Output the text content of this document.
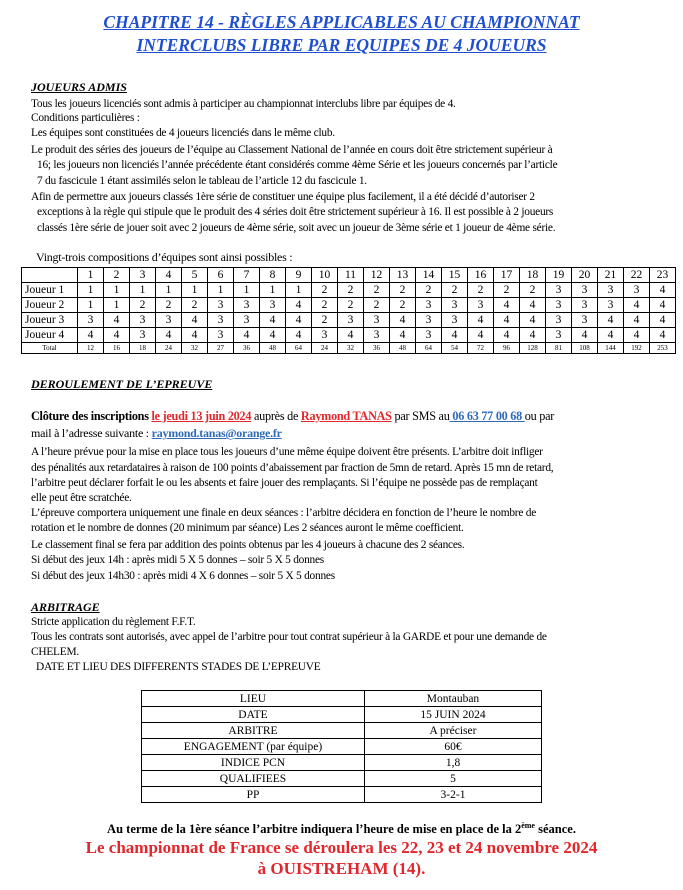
CHAPITRE 14 - RÈGLES APPLICABLES AU CHAMPIONNAT
INTERCLUBS LIBRE PAR EQUIPES DE 4 JOUEURS
JOUEURS ADMIS
Tous les joueurs licenciés sont admis à participer au championnat interclubs libre par équipes de 4.
Conditions particulières :
Les équipes sont constituées de 4 joueurs licenciés dans le même club.
Le produit des séries des joueurs de l’équipe au Classement National de l’année en cours doit être strictement supérieur à
16; les joueurs non licenciés l’année précédente étant considérés comme 4ème Série et les joueurs concernés par l’article
7 du fascicule 1 étant assimilés selon le tableau de l’article 12 du fascicule 1.
Afin de permettre aux joueurs classés 1ère série de constituer une équipe plus facilement, il a été décidé d’autoriser 2
exceptions à la règle qui stipule que le produit des 4 séries doit être strictement supérieur à 16. Il est possible à 2 joueurs
classés 1ère série de jouer soit avec 2 joueurs de 4ème série, soit avec un joueur de 3ème série et 1 joueur de 4ème série.
Vingt-trois compositions d’équipes sont ainsi possibles :
	1	2	3	4	5	6	7	8	9	10	11	12	13	14	15	16	17	18	19	20	21	22	23
Joueur 1	1	1	1	1	1	1	1	1	1	2	2	2	2	2	2	2	2	2	3	3	3	3	4
Joueur 2	1	1	2	2	2	3	3	3	4	2	2	2	2	3	3	3	4	4	3	3	3	4	4
Joueur 3	3	4	3	3	4	3	3	4	4	2	3	3	4	3	3	4	4	4	3	3	4	4	4
Joueur 4	4	4	3	4	4	3	4	4	4	3	4	3	4	3	4	4	4	4	3	4	4	4	4
Total	12	16	18	24	32	27	36	48	64	24	32	36	48	64	54	72	96	128	81	108	144	192	253
DEROULEMENT DE L’EPREUVE
Clôture des inscriptions le jeudi 13 juin 2024 auprès de Raymond TANAS par SMS au 06 63 77 00 68 ou par
mail à l’adresse suivante : raymond.tanas@orange.fr
A l’heure prévue pour la mise en place tous les joueurs d’une même équipe doivent être présents. L’arbitre doit infliger
des pénalités aux retardataires à raison de 100 points d’abaissement par fraction de 5mn de retard. Après 15 mn de retard,
l’arbitre peut déclarer forfait le ou les absents et faire jouer des remplaçants. Si l’équipe ne possède pas de remplaçant
elle peut être scratchée.
L’épreuve comportera uniquement une finale en deux séances : l’arbitre décidera en fonction de l’heure le nombre de
rotation et le nombre de donnes (20 minimum par séance) Les 2 séances auront le même coefficient.
Le classement final se fera par addition des points obtenus par les 4 joueurs à chacune des 2 séances.
Si début des jeux 14h : après midi 5 X 5 donnes – soir 5 X 5 donnes
Si début des jeux 14h30 : après midi 4 X 6 donnes – soir 5 X 5 donnes
ARBITRAGE
Stricte application du règlement F.F.T.
Tous les contrats sont autorisés, avec appel de l’arbitre pour tout contrat supérieur à la GARDE et pour une demande de
CHELEM.
DATE ET LIEU DES DIFFERENTS STADES DE L’EPREUVE
LIEU	Montauban
DATE	15 JUIN 2024
ARBITRE	A préciser
ENGAGEMENT (par équipe)	60€
INDICE PCN	1,8
QUALIFIEES	5
PP	3-2-1
Au terme de la 1ère séance l’arbitre indiquera l’heure de mise en place de la 2ème séance.
Le championnat de France se déroulera les 22, 23 et 24 novembre 2024
à OUISTREHAM (14).
